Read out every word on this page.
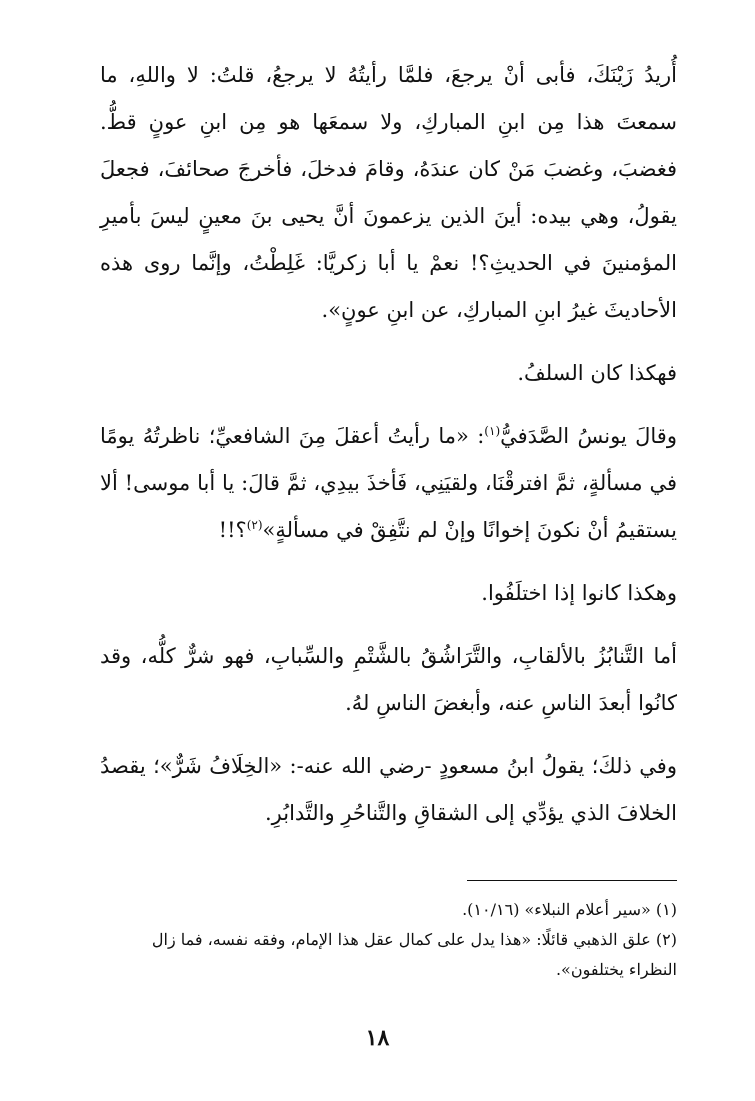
أُريدُ زَيْنَكَ، فأبى أنْ يرجعَ، فلمَّا رأيتُهُ لا يرجعُ، قلتُ: لا واللهِ، ما سمعتَ هذا مِن ابنِ المباركِ، ولا سمعَها هو مِن ابنِ عونٍ قطُّ. فغضبَ، وغضبَ مَنْ كان عندَهُ، وقامَ فدخلَ، فأخرجَ صحائفَ، فجعلَ يقولُ، وهي بيده: أينَ الذين يزعمونَ أنَّ يحيى بنَ معينٍ ليسَ بأميرِ المؤمنينَ في الحديثِ؟! نعمْ يا أبا زكريَّا: غَلِطْتُ، وإنَّما روى هذه الأحاديثَ غيرُ ابنِ المباركِ، عن ابنِ عونٍ».

فهكذا كان السلفُ.

وقالَ يونسُ الصَّدَفيُّ$^{(١)}$: «ما رأيتُ أعقلَ مِنَ الشافعيِّ؛ ناظرتُهُ يومًا في مسألةٍ، ثمَّ افترقْنَا، ولقيَنِي، فَأخذَ بيدِي، ثمَّ قالَ: يا أبا موسى! ألا يستقيمُ أنْ نكونَ إخوانًا وإنْ لم نتَّفِقْ في مسألةٍ»$^{(٢)}$؟!!

وهكذا كانوا إذا اختلَفُوا.

أما التَّنابُزُ بالألقابِ، والتَّرَاشُقُ بالشَّتْمِ والسِّبابِ، فهو شرٌّ كلُّه، وقد كانُوا أبعدَ الناسِ عنه، وأبغضَ الناسِ لهُ.

وفي ذلكَ؛ يقولُ ابنُ مسعودٍ -رضي الله عنه-: «الخِلَافُ شَرٌّ»؛ يقصدُ الخلافَ الذي يؤدِّي إلى الشقاقِ والتَّناحُرِ والتَّدابُرِ.

(١) «سير أعلام النبلاء» (١٠/١٦).

(٢) علق الذهبي قائلًا: «هذا يدل على كمال عقل هذا الإمام، وفقه نفسه، فما زال النظراء يختلفون».

١٨
